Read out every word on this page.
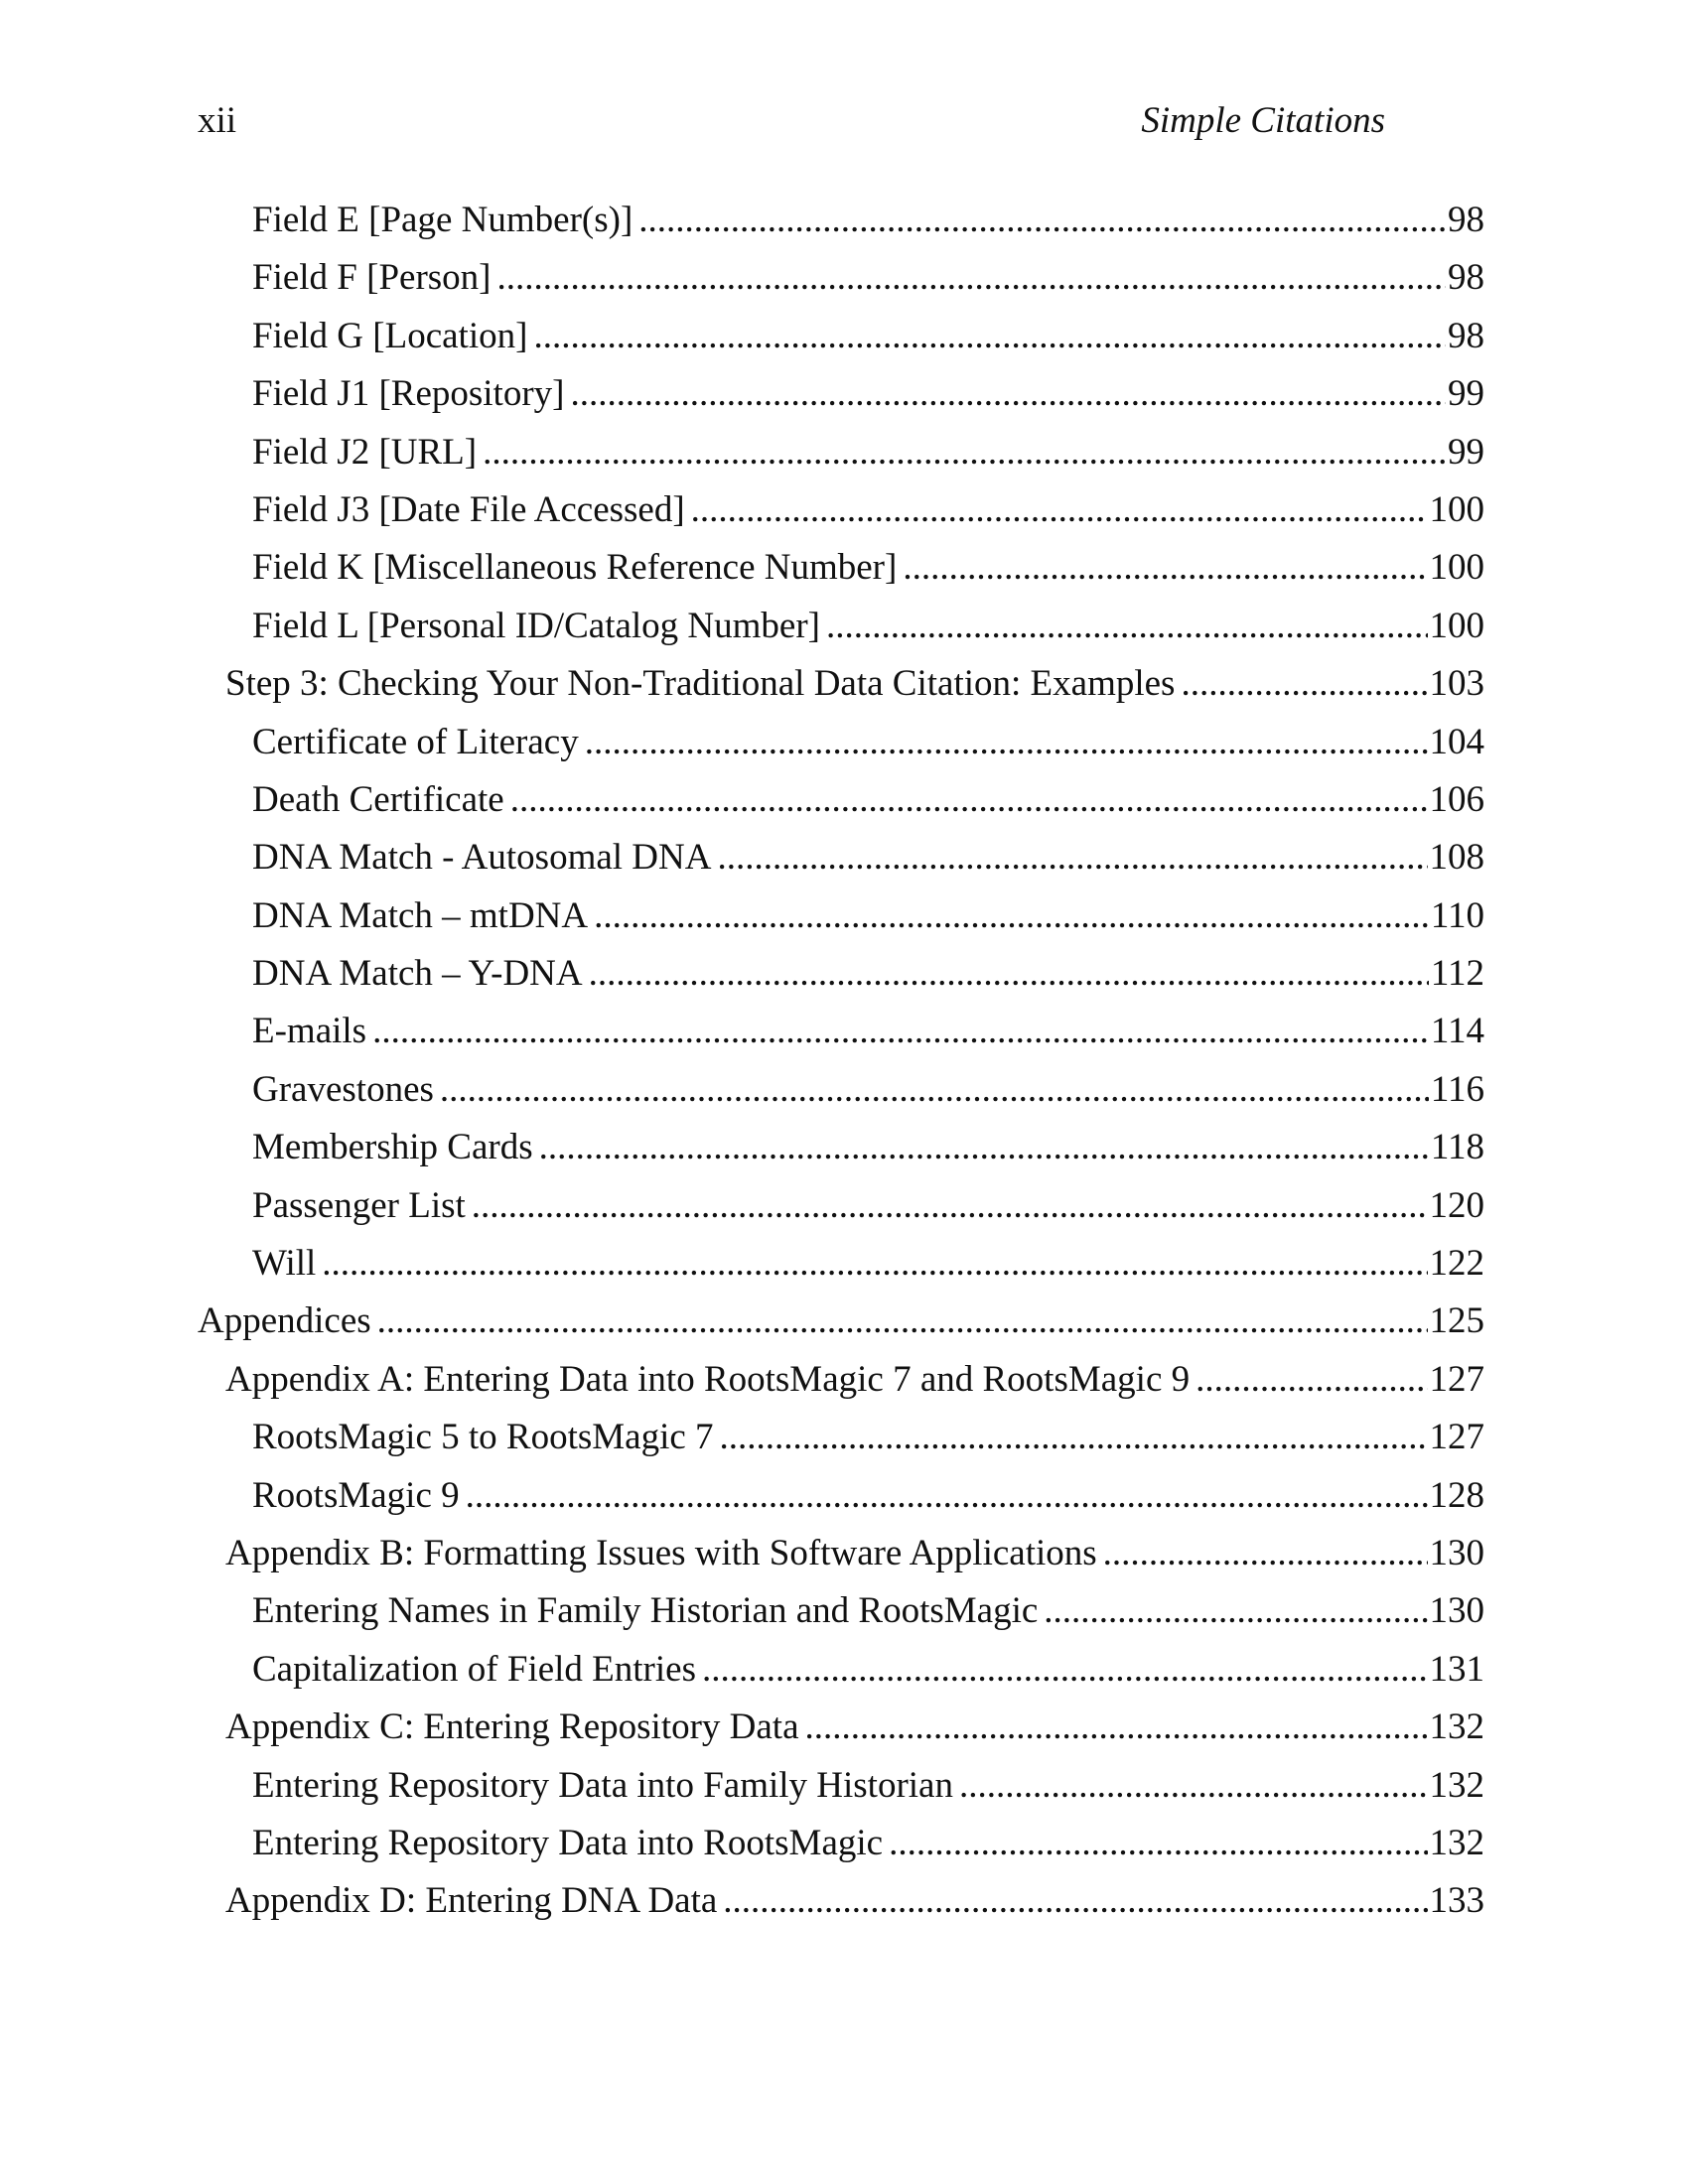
xii	Simple Citations
Field E [Page Number(s)] .....	98
Field F [Person] .....	98
Field G [Location] .....	98
Field J1 [Repository] .....	99
Field J2 [URL] .....	99
Field J3 [Date File Accessed] .....	100
Field K [Miscellaneous Reference Number] .....	100
Field L [Personal ID/Catalog Number] .....	100
Step 3: Checking Your Non-Traditional Data Citation: Examples .....	103
Certificate of Literacy .....	104
Death Certificate .....	106
DNA Match - Autosomal DNA .....	108
DNA Match – mtDNA .....	110
DNA Match – Y-DNA .....	112
E-mails .....	114
Gravestones .....	116
Membership Cards .....	118
Passenger List .....	120
Will .....	122
Appendices .....	125
Appendix A: Entering Data into RootsMagic 7 and RootsMagic 9 .....	127
RootsMagic 5 to RootsMagic 7 .....	127
RootsMagic 9 .....	128
Appendix B: Formatting Issues with Software Applications .....	130
Entering Names in Family Historian and RootsMagic .....	130
Capitalization of Field Entries .....	131
Appendix C: Entering Repository Data .....	132
Entering Repository Data into Family Historian .....	132
Entering Repository Data into RootsMagic .....	132
Appendix D: Entering DNA Data .....	133
